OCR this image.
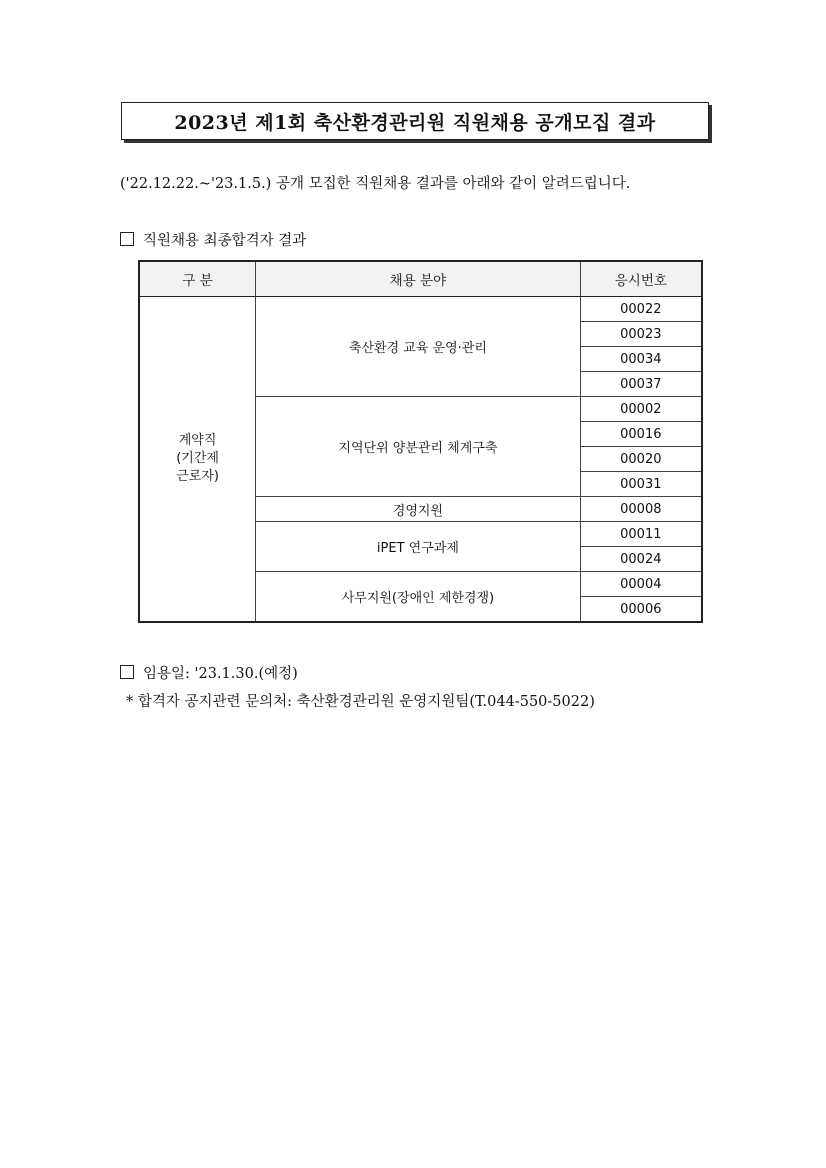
2023년 제1회 축산환경관리원 직원채용 공개모집 결과
('22.12.22.~'23.1.5.) 공개 모집한 직원채용 결과를 아래와 같이 알려드립니다.
직원채용 최종합격자 결과
구 분	채용 분야	응시번호

계약직
(기간제
근로자)	축산환경 교육 운영·관리	00022
		00023
		00034
		00037
	지역단위 양분관리 체계구축	00002
		00016
		00020
		00031
	경영지원	00008
	iPET 연구과제	00011
		00024
	사무지원(장애인 제한경쟁)	00004
		00006
임용일: '23.1.30.(예정)
* 합격자 공지관련 문의처: 축산환경관리원 운영지원팀(T.044-550-5022)
